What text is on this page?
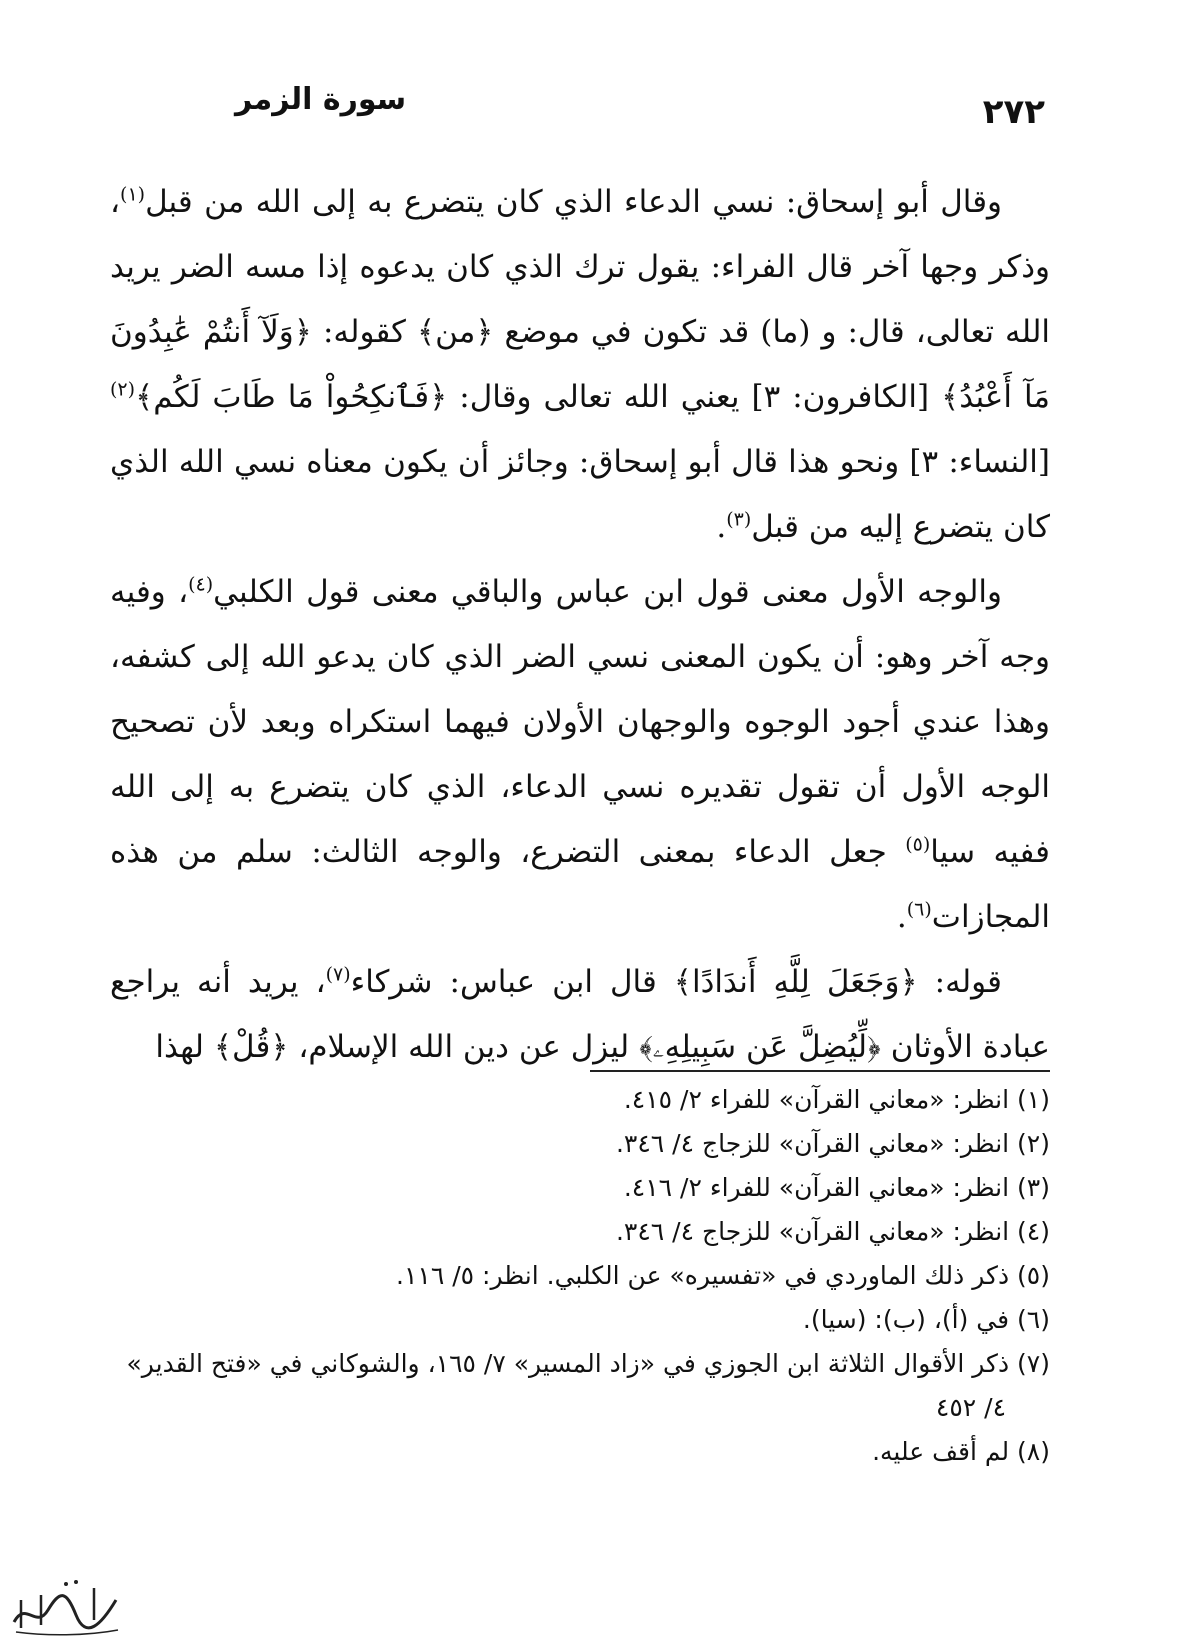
سورة الزمر	٢٧٢

وقال أبو إسحاق: نسي الدعاء الذي كان يتضرع به إلى الله من قبل$^{(١)}$، وذكر وجها آخر قال الفراء: يقول ترك الذي كان يدعوه إذا مسه الضر يريد الله تعالى، قال: و (ما) قد تكون في موضع ﴿من﴾ كقوله: ﴿وَلَآ أَنتُمْ عَٰبِدُونَ مَآ أَعْبُدُ﴾ [الكافرون: ٣] يعني الله تعالى وقال: ﴿فَٱنكِحُواْ مَا طَابَ لَكُم﴾$^{(٢)}$ [النساء: ٣] ونحو هذا قال أبو إسحاق: وجائز أن يكون معناه نسي الله الذي كان يتضرع إليه من قبل$^{(٣)}$.

والوجه الأول معنى قول ابن عباس والباقي معنى قول الكلبي$^{(٤)}$، وفيه وجه آخر وهو: أن يكون المعنى نسي الضر الذي كان يدعو الله إلى كشفه، وهذا عندي أجود الوجوه والوجهان الأولان فيهما استكراه وبعد لأن تصحيح الوجه الأول أن تقول تقديره نسي الدعاء، الذي كان يتضرع به إلى الله ففيه سيا$^{(٥)}$ جعل الدعاء بمعنى التضرع، والوجه الثالث: سلم من هذه المجازات$^{(٦)}$.

قوله: ﴿وَجَعَلَ لِلَّهِ أَندَادًا﴾ قال ابن عباس: شركاء$^{(٧)}$، يريد أنه يراجع عبادة الأوثان ﴿لِّيُضِلَّ عَن سَبِيلِهِۦ﴾ ليزل عن دين الله الإسلام، ﴿قُلْ﴾ لهذا

(١) انظر: «معاني القرآن» للفراء ٢/ ٤١٥.

(٢) انظر: «معاني القرآن» للزجاج ٤/ ٣٤٦.

(٣) انظر: «معاني القرآن» للفراء ٢/ ٤١٦.

(٤) انظر: «معاني القرآن» للزجاج ٤/ ٣٤٦.

(٥) ذكر ذلك الماوردي في «تفسيره» عن الكلبي. انظر: ٥/ ١١٦.

(٦) في (أ)، (ب): (سيا).

(٧) ذكر الأقوال الثلاثة ابن الجوزي في «زاد المسير» ٧/ ١٦٥، والشوكاني في «فتح القدير» ٤/ ٤٥٢

(٨) لم أقف عليه.
